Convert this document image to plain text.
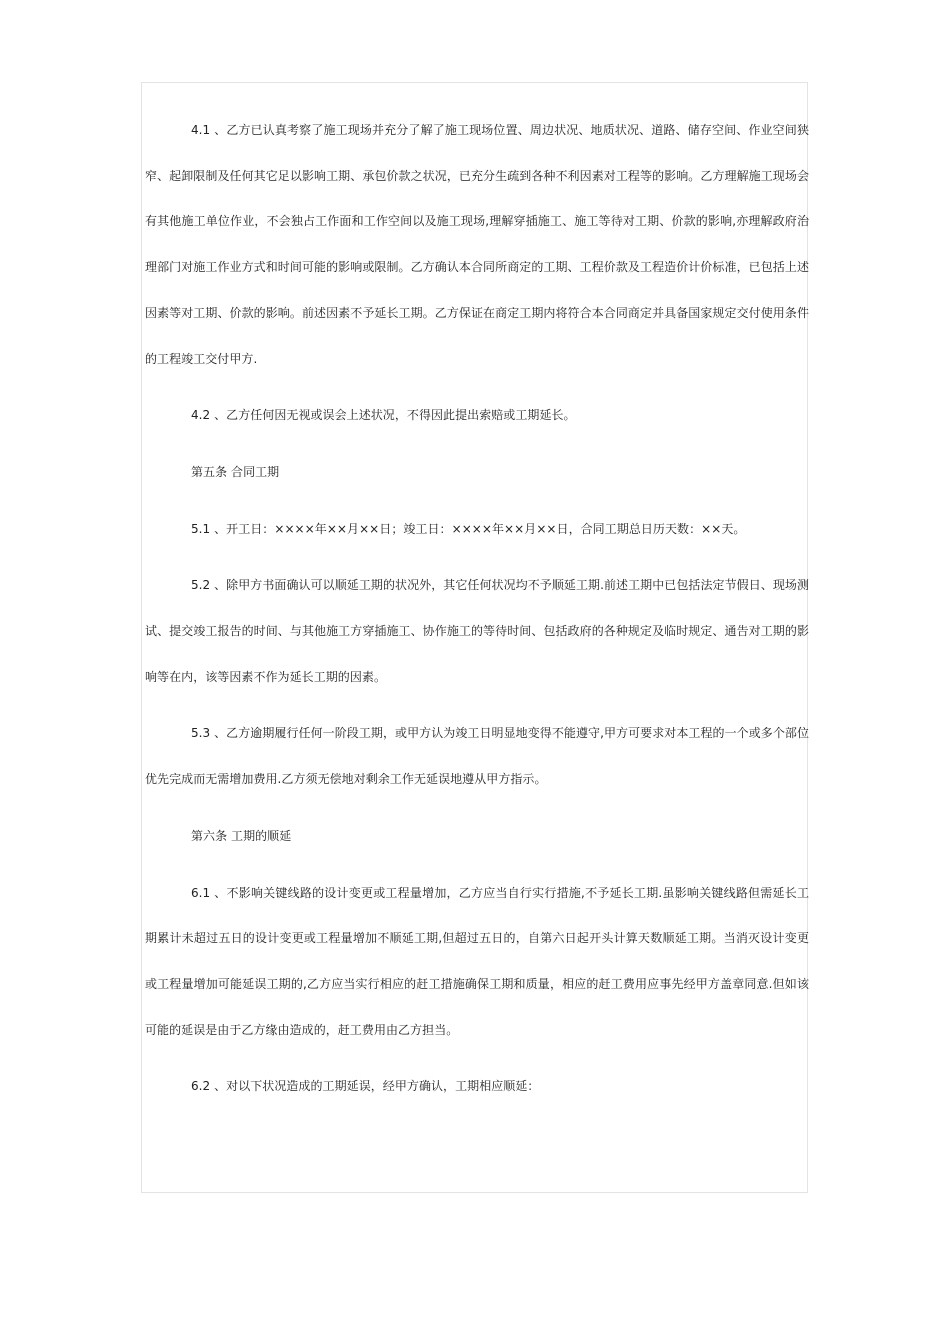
4.1 、乙方已认真考察了施工现场并充分了解了施工现场位置、周边状况、地质状况、道路、储存空间、作业空间狭窄、起卸限制及任何其它足以影响工期、承包价款之状况，已充分生疏到各种不利因素对工程等的影响。乙方理解施工现场会有其他施工单位作业，不会独占工作面和工作空间以及施工现场,理解穿插施工、施工等待对工期、价款的影响,亦理解政府治理部门对施工作业方式和时间可能的影响或限制。乙方确认本合同所商定的工期、工程价款及工程造价计价标准，已包括上述因素等对工期、价款的影响。前述因素不予延长工期。乙方保证在商定工期内将符合本合同商定并具备国家规定交付使用条件的工程竣工交付甲方.

4.2 、乙方任何因无视或误会上述状况，不得因此提出索赔或工期延长。

第五条 合同工期

5.1 、开工日：××××年××月××日；竣工日：××××年××月××日，合同工期总日历天数：××天。

5.2 、除甲方书面确认可以顺延工期的状况外，其它任何状况均不予顺延工期.前述工期中已包括法定节假日、现场测试、提交竣工报告的时间、与其他施工方穿插施工、协作施工的等待时间、包括政府的各种规定及临时规定、通告对工期的影响等在内，该等因素不作为延长工期的因素。

5.3 、乙方逾期履行任何一阶段工期，或甲方认为竣工日明显地变得不能遵守,甲方可要求对本工程的一个或多个部位优先完成而无需增加费用.乙方须无偿地对剩余工作无延误地遵从甲方指示。

第六条 工期的顺延

6.1 、不影响关键线路的设计变更或工程量增加，乙方应当自行实行措施,不予延长工期.虽影响关键线路但需延长工期累计未超过五日的设计变更或工程量增加不顺延工期,但超过五日的，自第六日起开头计算天数顺延工期。当消灭设计变更或工程量增加可能延误工期的,乙方应当实行相应的赶工措施确保工期和质量，相应的赶工费用应事先经甲方盖章同意.但如该可能的延误是由于乙方缘由造成的，赶工费用由乙方担当。

6.2 、对以下状况造成的工期延误，经甲方确认，工期相应顺延：
